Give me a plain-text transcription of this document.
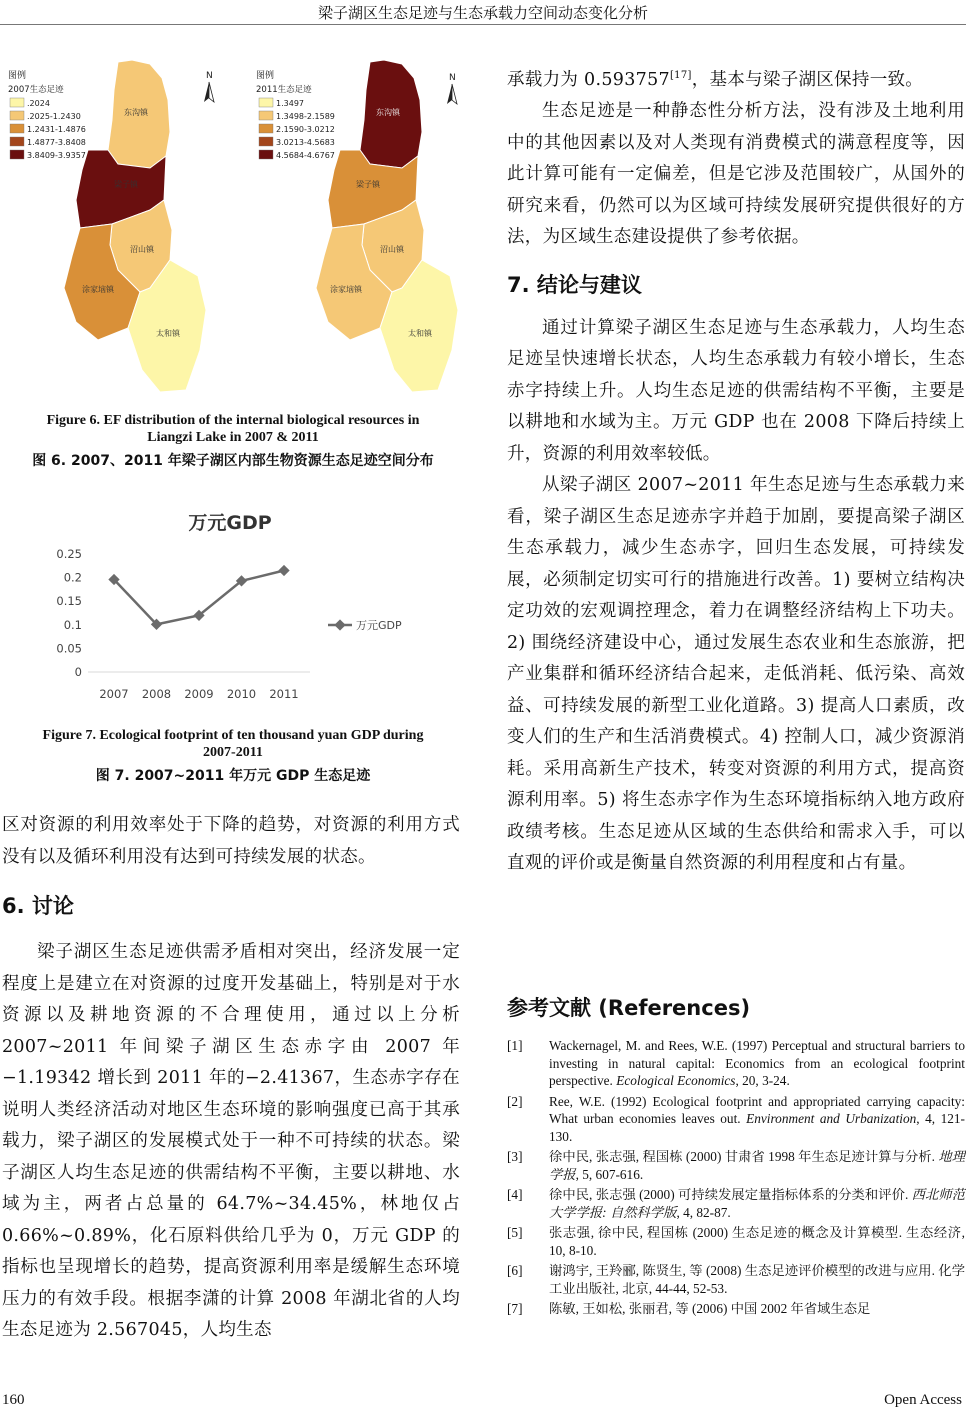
梁子湖区生态足迹与生态承载力空间动态变化分析
东沟镇
梁子镇
沼山镇
涂家垴镇
太和镇
图例
2007生态足迹
.2024
.2025-1.2430
1.2431-1.4876
1.4877-3.8408
3.8409-3.9357
N
东沟镇
梁子镇
沼山镇
涂家垴镇
太和镇
图例
2011生态足迹
1.3497
1.3498-2.1589
2.1590-3.0212
3.0213-4.5683
4.5684-4.6767
N
Figure 6. EF distribution of the internal biological resources in
Liangzi Lake in 2007 & 2011
图 6. 2007、2011 年梁子湖区内部生物资源生态足迹空间分布
万元GDP
0
0.05
0.1
0.15
0.2
0.25
2007 2008 2009 2010 2011
万元GDP
Figure 7. Ecological footprint of ten thousand yuan GDP during
2007-2011
图 7. 2007~2011 年万元 GDP 生态足迹

区对资源的利用效率处于下降的趋势，对资源的利用方式没有以及循环利用没有达到可持续发展的状态。

6. 讨论

梁子湖区生态足迹供需矛盾相对突出，经济发展一定程度上是建立在对资源的过度开发基础上，特别是对于水资源以及耕地资源的不合理使用，通过以上分析 2007~2011 年间梁子湖区生态赤字由 2007 年−1.19342 增长到 2011 年的−2.41367，生态赤字存在说明人类经济活动对地区生态环境的影响强度已高于其承载力，梁子湖区的发展模式处于一种不可持续的状态。梁子湖区人均生态足迹的供需结构不平衡，主要以耕地、水域为主，两者占总量的 64.7%~34.45%，林地仅占 0.66%~0.89%，化石原料供给几乎为 0，万元 GDP 的指标也呈现增长的趋势，提高资源利用率是缓解生态环境压力的有效手段。根据李潇的计算 2008 年湖北省的人均生态足迹为 2.567045，人均生态

承载力为 0.593757[17]，基本与梁子湖区保持一致。

生态足迹是一种静态性分析方法，没有涉及土地利用中的其他因素以及对人类现有消费模式的满意程度等，因此计算可能有一定偏差，但是它涉及范围较广，从国外的研究来看，仍然可以为区域可持续发展研究提供很好的方法，为区域生态建设提供了参考依据。

7. 结论与建议

通过计算梁子湖区生态足迹与生态承载力，人均生态足迹呈快速增长状态，人均生态承载力有较小增长，生态赤字持续上升。人均生态足迹的供需结构不平衡，主要是以耕地和水域为主。万元 GDP 也在 2008 下降后持续上升，资源的利用效率较低。

从梁子湖区 2007~2011 年生态足迹与生态承载力来看，梁子湖区生态足迹赤字并趋于加剧，要提高梁子湖区生态承载力，减少生态赤字，回归生态发展，可持续发展，必须制定切实可行的措施进行改善。1) 要树立结构决定功效的宏观调控理念，着力在调整经济结构上下功夫。2) 围绕经济建设中心，通过发展生态农业和生态旅游，把产业集群和循环经济结合起来，走低消耗、低污染、高效益、可持续发展的新型工业化道路。3) 提高人口素质，改变人们的生产和生活消费模式。4) 控制人口，减少资源消耗。采用高新生产技术，转变对资源的利用方式，提高资源利用率。5) 将生态赤字作为生态环境指标纳入地方政府政绩考核。生态足迹从区域的生态供给和需求入手，可以直观的评价或是衡量自然资源的利用程度和占有量。

参考文献 (References)
[1]	Wackernagel, M. and Rees, W.E. (1997) Perceptual and structural barriers to investing in natural capital: Economics from an ecological footprint perspective. Ecological Economics, 20, 3-24.
[2]	Ree, W.E. (1992) Ecological footprint and appropriated carrying capacity: What urban economies leaves out. Environment and Urbanization, 4, 121-130.
[3]	徐中民, 张志强, 程国栋 (2000) 甘肃省 1998 年生态足迹计算与分析. 地理学报, 5, 607-616.
[4]	徐中民, 张志强 (2000) 可持续发展定量指标体系的分类和评价. 西北师范大学学报: 自然科学版, 4, 82-87.
[5]	张志强, 徐中民, 程国栋 (2000) 生态足迹的概念及计算模型. 生态经济, 10, 8-10.
[6]	谢鸿宇, 王羚郦, 陈贤生, 等 (2008) 生态足迹评价模型的改进与应用. 化学工业出版社, 北京, 44-44, 52-53.
[7]	陈敏, 王如松, 张丽君, 等 (2006) 中国 2002 年省域生态足
160	Open Access
